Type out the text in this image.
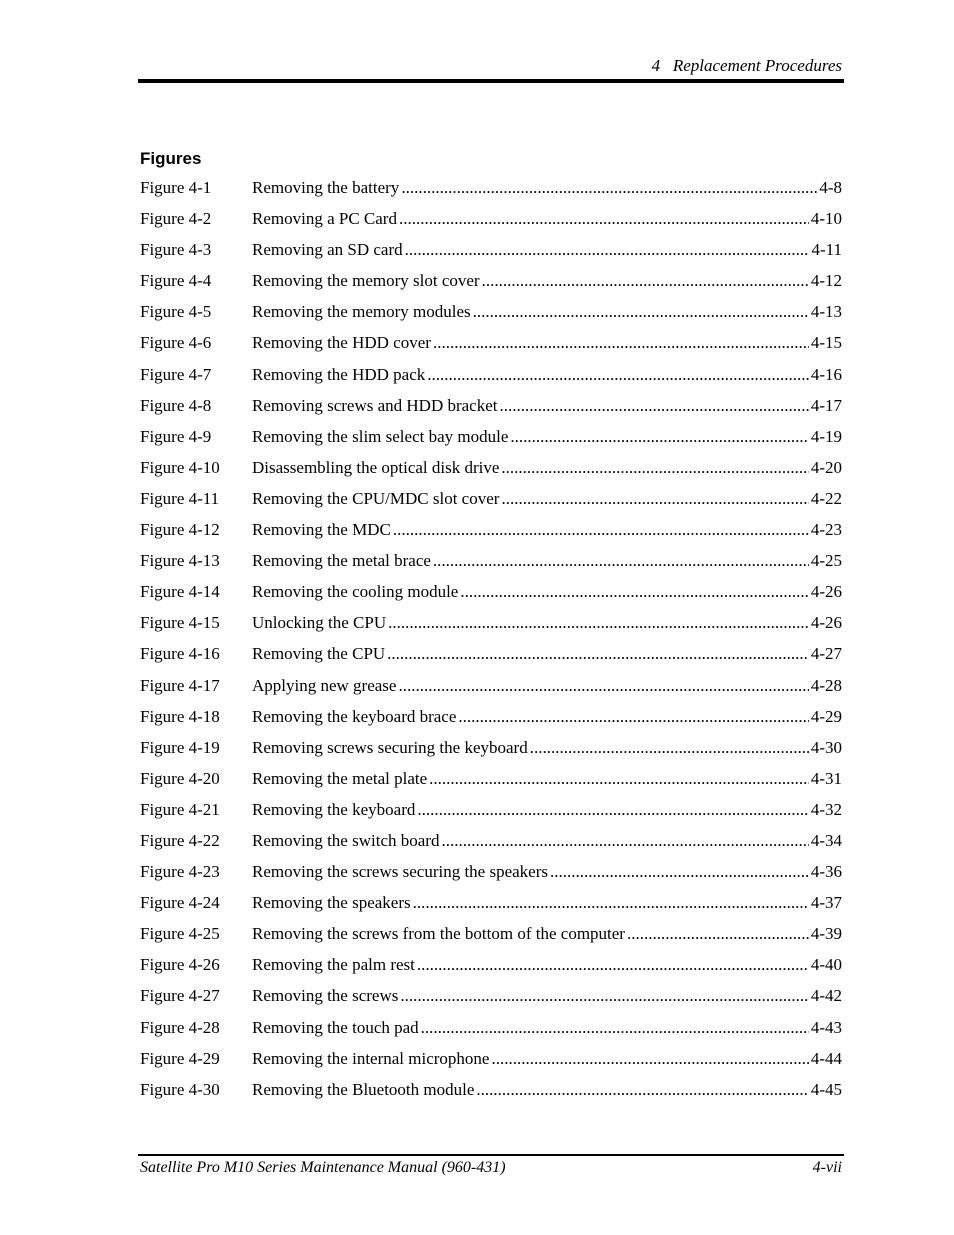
4   Replacement Procedures
Figures
Figure 4-1	Removing the battery .....	4-8
Figure 4-2	Removing a PC Card .....	4-10
Figure 4-3	Removing an SD card .....	4-11
Figure 4-4	Removing the memory slot cover .....	4-12
Figure 4-5	Removing the memory modules .....	4-13
Figure 4-6	Removing the HDD cover .....	4-15
Figure 4-7	Removing the HDD pack .....	4-16
Figure 4-8	Removing screws and HDD bracket .....	4-17
Figure 4-9	Removing the slim select bay module .....	4-19
Figure 4-10	Disassembling the optical disk drive .....	4-20
Figure 4-11	Removing the CPU/MDC slot cover .....	4-22
Figure 4-12	Removing the MDC .....	4-23
Figure 4-13	Removing the metal brace .....	4-25
Figure 4-14	Removing the cooling module .....	4-26
Figure 4-15	Unlocking the CPU .....	4-26
Figure 4-16	Removing the CPU .....	4-27
Figure 4-17	Applying new grease .....	4-28
Figure 4-18	Removing the keyboard brace .....	4-29
Figure 4-19	Removing screws securing the keyboard .....	4-30
Figure 4-20	Removing the metal plate .....	4-31
Figure 4-21	Removing the keyboard .....	4-32
Figure 4-22	Removing the switch board .....	4-34
Figure 4-23	Removing the screws securing the speakers .....	4-36
Figure 4-24	Removing the speakers .....	4-37
Figure 4-25	Removing the screws from the bottom of the computer .....	4-39
Figure 4-26	Removing the palm rest .....	4-40
Figure 4-27	Removing the screws .....	4-42
Figure 4-28	Removing the touch pad .....	4-43
Figure 4-29	Removing the internal microphone .....	4-44
Figure 4-30	Removing the Bluetooth module .....	4-45
Satellite Pro M10 Series Maintenance Manual (960-431)	4-vii
